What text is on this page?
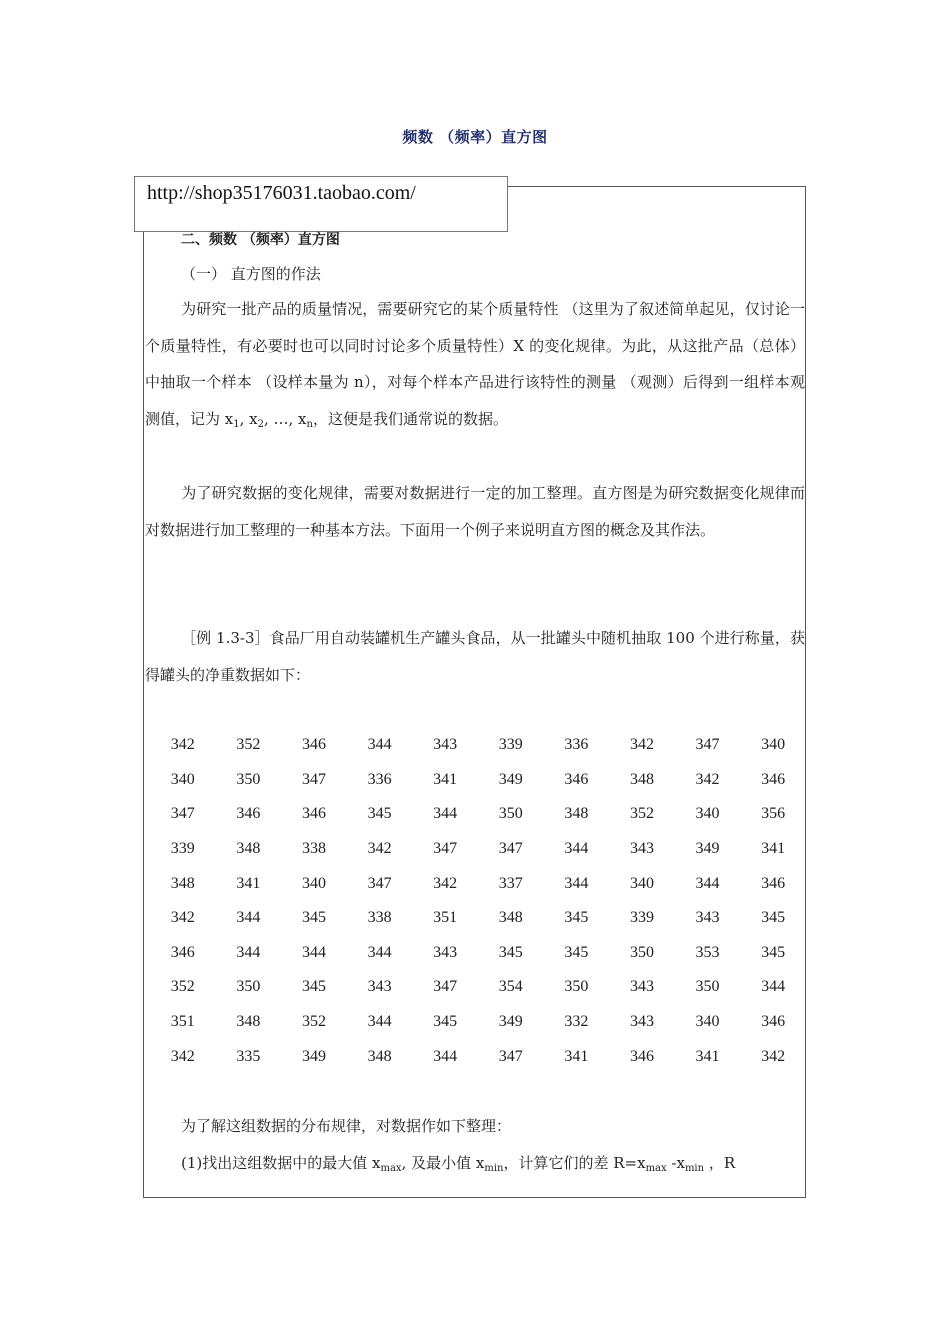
频数 （频率）直方图
http://shop35176031.taobao.com/
二、频数 （频率）直方图
（一） 直方图的作法
为研究一批产品的质量情况，需要研究它的某个质量特性 （这里为了叙述简单起见，仅讨论一个质量特性，有必要时也可以同时讨论多个质量特性）X 的变化规律。为此，从这批产品（总体）中抽取一个样本 （设样本量为 n），对每个样本产品进行该特性的测量 （观测）后得到一组样本观测值，记为 $x_1$, $x_2$, …, $x_n$，这便是我们通常说的数据。
为了研究数据的变化规律，需要对数据进行一定的加工整理。直方图是为研究数据变化规律而对数据进行加工整理的一种基本方法。下面用一个例子来说明直方图的概念及其作法。
［例 1.3-3］食品厂用自动装罐机生产罐头食品，从一批罐头中随机抽取 100 个进行称量，获得罐头的净重数据如下：
342	352	346	344	343	339	336	342	347	340
340	350	347	336	341	349	346	348	342	346
347	346	346	345	344	350	348	352	340	356
339	348	338	342	347	347	344	343	349	341
348	341	340	347	342	337	344	340	344	346
342	344	345	338	351	348	345	339	343	345
346	344	344	344	343	345	345	350	353	345
352	350	345	343	347	354	350	343	350	344
351	348	352	344	345	349	332	343	340	346
342	335	349	348	344	347	341	346	341	342
为了解这组数据的分布规律，对数据作如下整理：
(1)找出这组数据中的最大值 $x_{max}$, 及最小值 $x_{min}$，计算它们的差 $R=x_{max}$ $-x_{min}$ ，R
